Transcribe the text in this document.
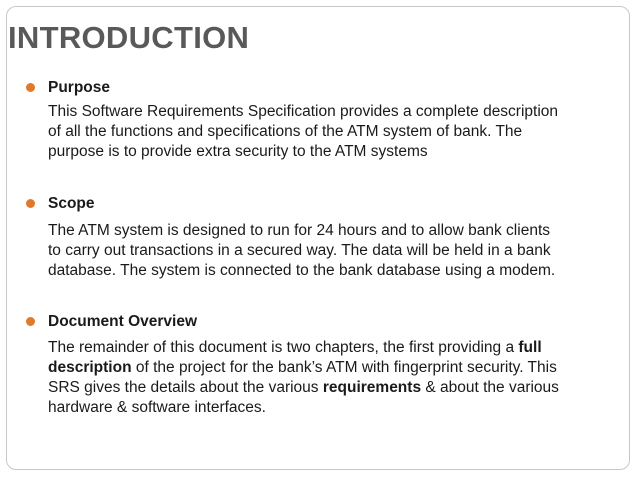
INTRODUCTION
Purpose
This Software Requirements Specification provides a complete description
of all the functions and specifications of the ATM system of bank. The
purpose is to provide extra security to the ATM systems
Scope
The ATM system is designed to run for 24 hours and to allow bank clients
to carry out transactions in a secured way. The data will be held in a bank
database. The system is connected to the bank database using a modem.
Document Overview
The remainder of this document is two chapters, the first providing a full
description of the project for the bank’s ATM with fingerprint security. This
SRS gives the details about the various requirements & about the various
hardware & software interfaces.
